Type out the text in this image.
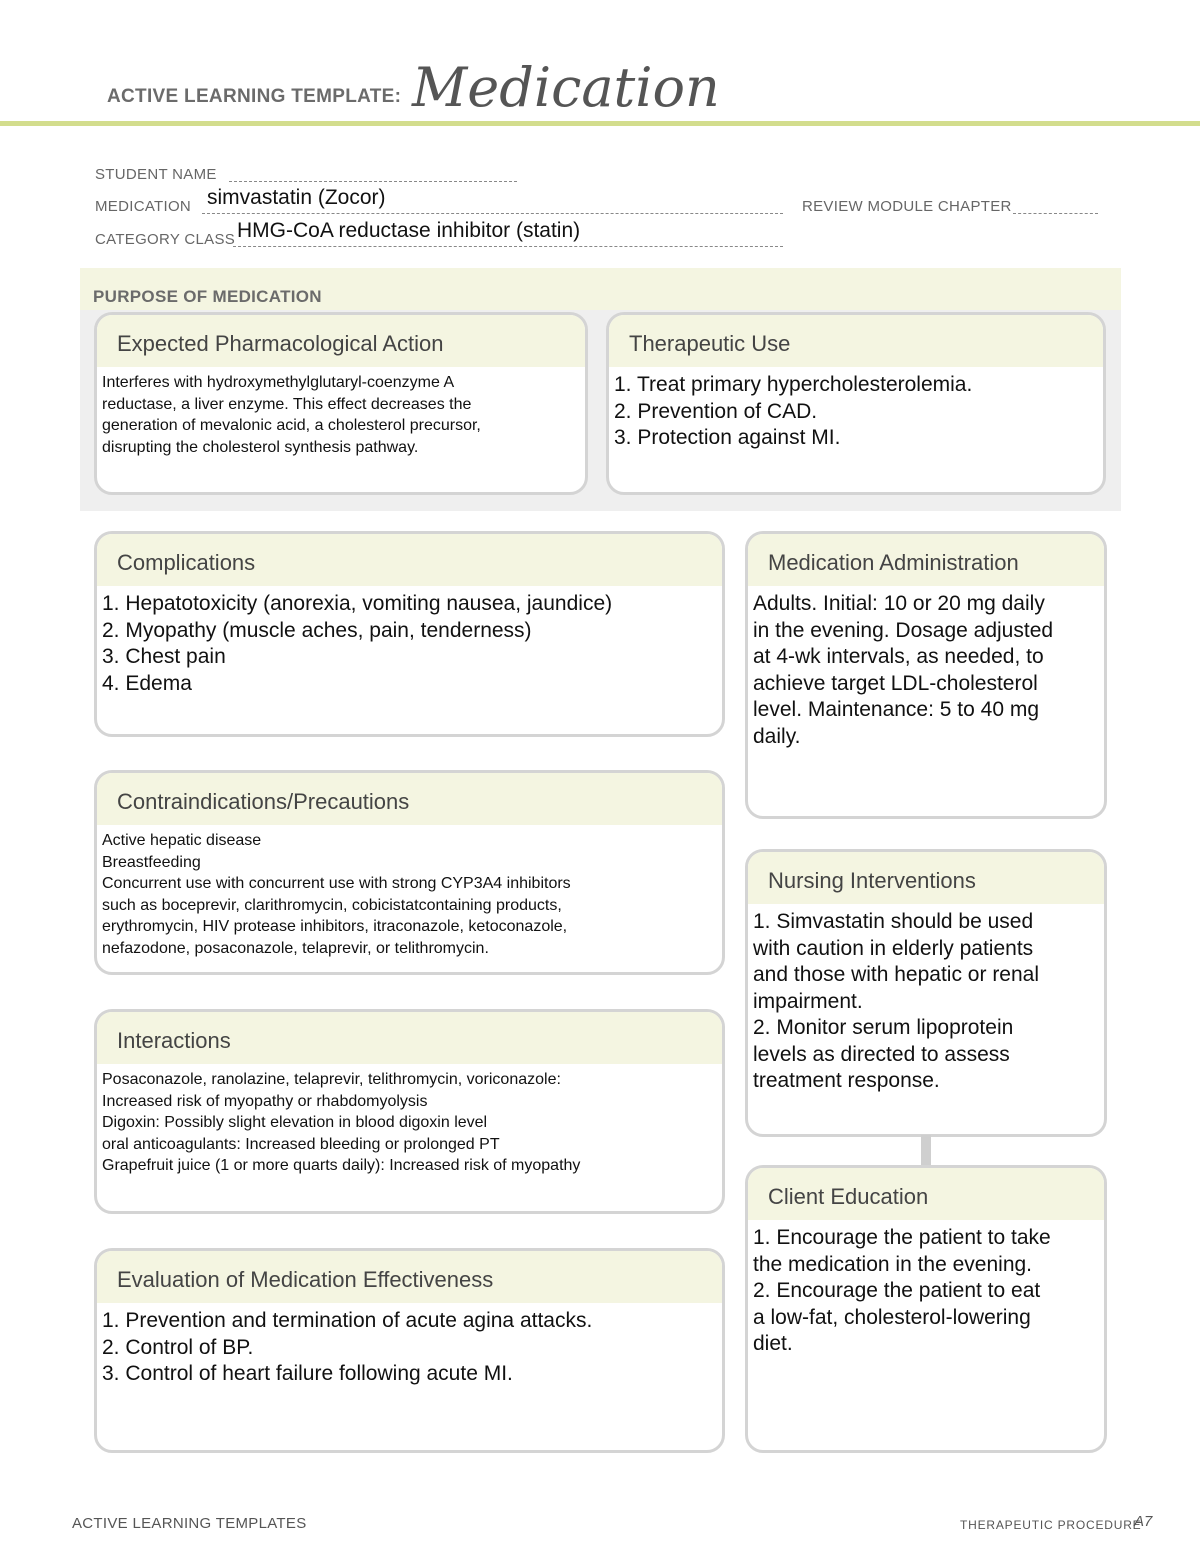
ACTIVE LEARNING TEMPLATE: Medication
STUDENT NAME
MEDICATION simvastatin (Zocor)	REVIEW MODULE CHAPTER
CATEGORY CLASS HMG-CoA reductase inhibitor (statin)
PURPOSE OF MEDICATION
Expected Pharmacological Action
Interferes with hydroxymethylglutaryl-coenzyme A
reductase, a liver enzyme. This effect decreases the
generation of mevalonic acid, a cholesterol precursor,
disrupting the cholesterol synthesis pathway.
Therapeutic Use
1. Treat primary hypercholesterolemia.
2. Prevention of CAD.
3. Protection against MI.
Complications
1. Hepatotoxicity (anorexia, vomiting nausea, jaundice)
2. Myopathy (muscle aches, pain, tenderness)
3. Chest pain
4. Edema
Contraindications/Precautions
Active hepatic disease
Breastfeeding
Concurrent use with concurrent use with strong CYP3A4 inhibitors
such as boceprevir, clarithromycin, cobicistatcontaining products,
erythromycin, HIV protease inhibitors, itraconazole, ketoconazole,
nefazodone, posaconazole, telaprevir, or telithromycin.
Interactions
Posaconazole, ranolazine, telaprevir, telithromycin, voriconazole:
Increased risk of myopathy or rhabdomyolysis
Digoxin: Possibly slight elevation in blood digoxin level
oral anticoagulants: Increased bleeding or prolonged PT
Grapefruit juice (1 or more quarts daily): Increased risk of myopathy
Evaluation of Medication Effectiveness
1. Prevention and termination of acute agina attacks.
2. Control of BP.
3. Control of heart failure following acute MI.
Medication Administration
Adults. Initial: 10 or 20 mg daily
in the evening. Dosage adjusted
at 4-wk intervals, as needed, to
achieve target LDL-cholesterol
level. Maintenance: 5 to 40 mg
daily.
Nursing Interventions
1. Simvastatin should be used
with caution in elderly patients
and those with hepatic or renal
impairment.
2. Monitor serum lipoprotein
levels as directed to assess
treatment response.
Client Education
1. Encourage the patient to take
the medication in the evening.
2. Encourage the patient to eat
a low-fat, cholesterol-lowering
diet.
ACTIVE LEARNING TEMPLATES	THERAPEUTIC PROCEDURE
A7
